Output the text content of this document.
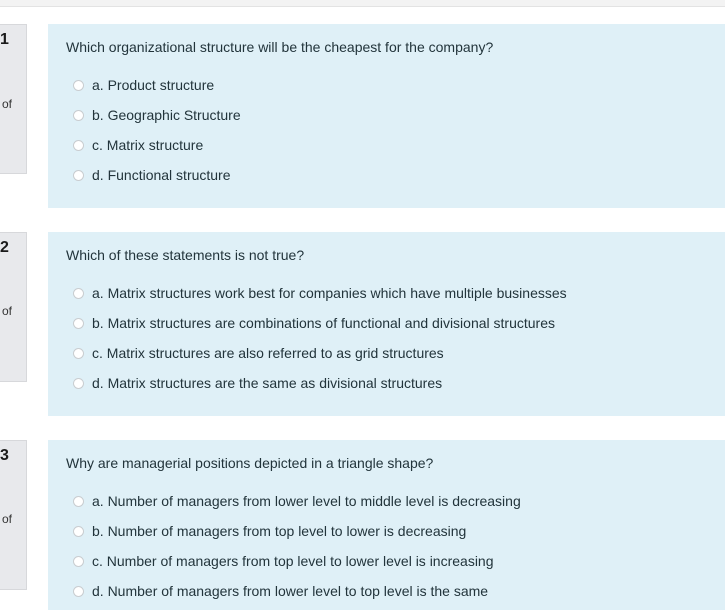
1
of
Which organizational structure will be the cheapest for the company?
a. Product structure
b. Geographic Structure
c. Matrix structure
d. Functional structure
2
of
Which of these statements is not true?
a. Matrix structures work best for companies which have multiple businesses
b. Matrix structures are combinations of functional and divisional structures
c. Matrix structures are also referred to as grid structures
d. Matrix structures are the same as divisional structures
3
of
Why are managerial positions depicted in a triangle shape?
a. Number of managers from lower level to middle level is decreasing
b. Number of managers from top level to lower is decreasing
c. Number of managers from top level to lower level is increasing
d. Number of managers from lower level to top level is the same
